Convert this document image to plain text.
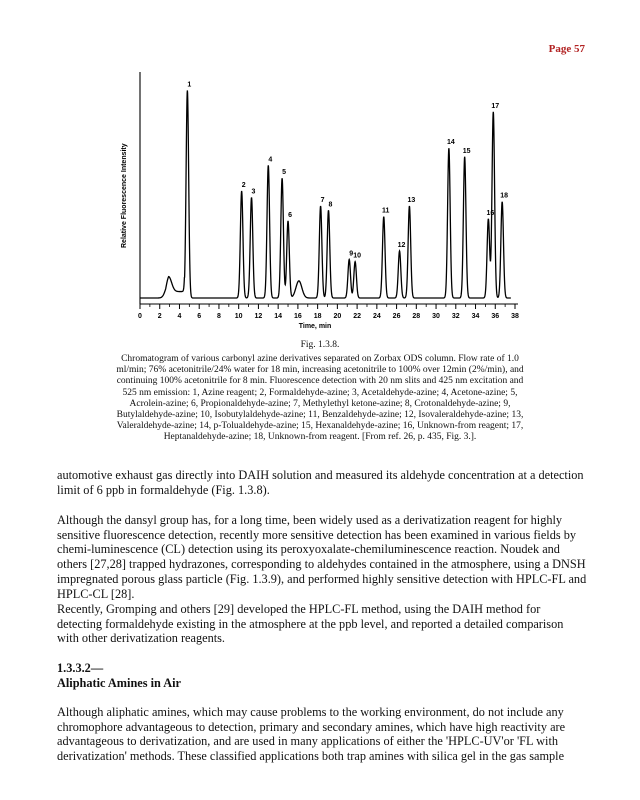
Page 57
0 2 4 6 8 10 12 14 16 18 20 22 24 26 28 30 32 34 36 38
1
2
3
4
5
6
7
8
9 10
11
12
13
14
15
16
17
18
Relative Fluorescence Intensity
Time, min
Fig. 1.3.8.
Chromatogram of various carbonyl azine derivatives separated on Zorbax ODS column. Flow rate of 1.0 ml/min; 76% acetonitrile/24% water for 18 min, increasing acetonitrile to 100% over 12min (2%/min), and continuing 100% acetonitrile for 8 min. Fluorescence detection with 20 nm slits and 425 nm excitation and 525 nm emission: 1, Azine reagent; 2, Formaldehyde-azine; 3, Acetaldehyde-azine; 4, Acetone-azine; 5, Acrolein-azine; 6, Propionaldehyde-azine; 7, Methylethyl ketone-azine; 8, Crotonaldehyde-azine; 9, Butylaldehyde-azine; 10, Isobutylaldehyde-azine; 11, Benzaldehyde-azine; 12, Isovaleraldehyde-azine; 13, Valeraldehyde-azine; 14, p-Tolualdehyde-azine; 15, Hexanaldehyde-azine; 16, Unknown-from reagent; 17, Heptanaldehyde-azine; 18, Unknown-from reagent. [From ref. 26, p. 435, Fig. 3.].

automotive exhaust gas directly into DAIH solution and measured its aldehyde concentration at a detection limit of 6 ppb in formaldehyde (Fig. 1.3.8).

Although the dansyl group has, for a long time, been widely used as a derivatization reagent for highly sensitive fluorescence detection, recently more sensitive detection has been examined in various fields by chemi-luminescence (CL) detection using its peroxyoxalate-chemiluminescence reaction. Noudek and others [27,28] trapped hydrazones, corresponding to aldehydes contained in the atmosphere, using a DNSH impregnated porous glass particle (Fig. 1.3.9), and performed highly sensitive detection with HPLC-FL and HPLC-CL [28].

Recently, Gromping and others [29] developed the HPLC-FL method, using the DAIH method for detecting formaldehyde existing in the atmosphere at the ppb level, and reported a detailed comparison with other derivatization reagents.

1.3.3.2—

Aliphatic Amines in Air

Although aliphatic amines, which may cause problems to the working environment, do not include any chromophore advantageous to detection, primary and secondary amines, which have high reactivity are advantageous to derivatization, and are used in many applications of either the 'HPLC-UV'or 'FL with derivatization' methods. These classified applications both trap amines with silica gel in the gas sample
